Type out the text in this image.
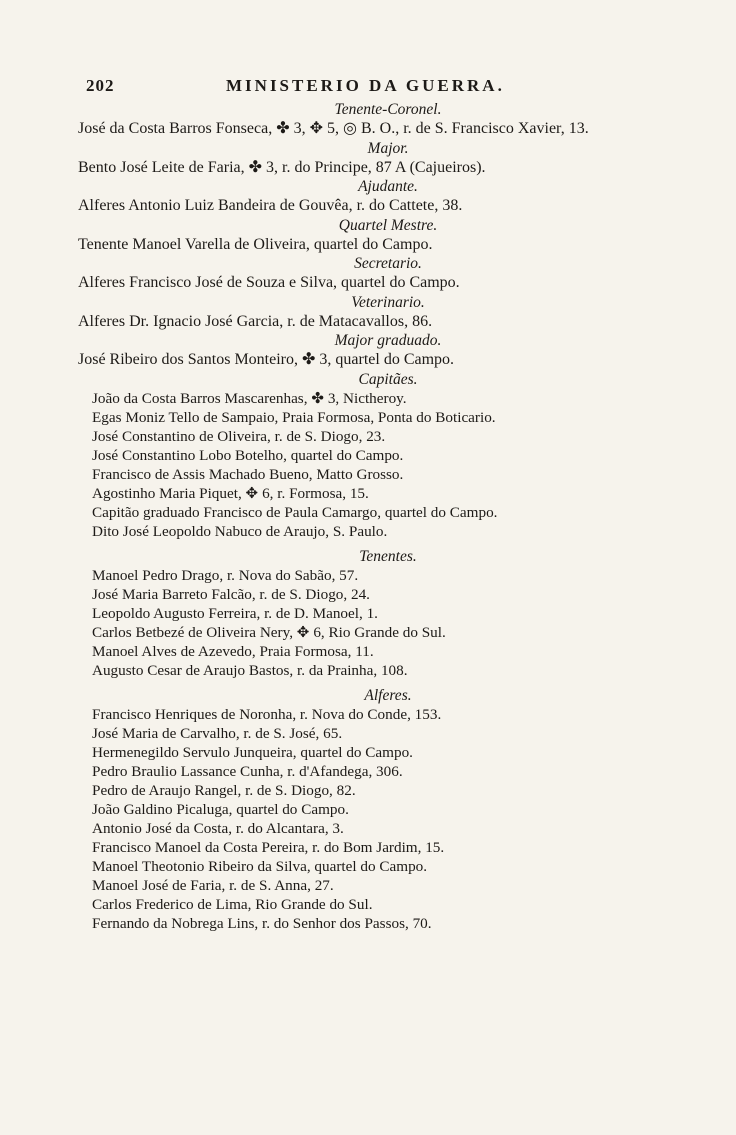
202	MINISTERIO DA GUERRA.
Tenente-Coronel.
José da Costa Barros Fonseca, ✤ 3, ✥ 5, ◎ B. O., r. de S. Francisco Xavier, 13.
Major.
Bento José Leite de Faria, ✤ 3, r. do Principe, 87 A (Cajueiros).
Ajudante.
Alferes Antonio Luiz Bandeira de Gouvêa, r. do Cattete, 38.
Quartel Mestre.
Tenente Manoel Varella de Oliveira, quartel do Campo.
Secretario.
Alferes Francisco José de Souza e Silva, quartel do Campo.
Veterinario.
Alferes Dr. Ignacio José Garcia, r. de Matacavallos, 86.
Major graduado.
José Ribeiro dos Santos Monteiro, ✤ 3, quartel do Campo.
Capitães.
João da Costa Barros Mascarenhas, ✤ 3, Nictheroy.
Egas Moniz Tello de Sampaio, Praia Formosa, Ponta do Boticario.
José Constantino de Oliveira, r. de S. Diogo, 23.
José Constantino Lobo Botelho, quartel do Campo.
Francisco de Assis Machado Bueno, Matto Grosso.
Agostinho Maria Piquet, ✥ 6, r. Formosa, 15.
Capitão graduado Francisco de Paula Camargo, quartel do Campo.
Dito José Leopoldo Nabuco de Araujo, S. Paulo.
Tenentes.
Manoel Pedro Drago, r. Nova do Sabão, 57.
José Maria Barreto Falcão, r. de S. Diogo, 24.
Leopoldo Augusto Ferreira, r. de D. Manoel, 1.
Carlos Betbezé de Oliveira Nery, ✥ 6, Rio Grande do Sul.
Manoel Alves de Azevedo, Praia Formosa, 11.
Augusto Cesar de Araujo Bastos, r. da Prainha, 108.
Alferes.
Francisco Henriques de Noronha, r. Nova do Conde, 153.
José Maria de Carvalho, r. de S. José, 65.
Hermenegildo Servulo Junqueira, quartel do Campo.
Pedro Braulio Lassance Cunha, r. d'Afandega, 306.
Pedro de Araujo Rangel, r. de S. Diogo, 82.
João Galdino Picaluga, quartel do Campo.
Antonio José da Costa, r. do Alcantara, 3.
Francisco Manoel da Costa Pereira, r. do Bom Jardim, 15.
Manoel Theotonio Ribeiro da Silva, quartel do Campo.
Manoel José de Faria, r. de S. Anna, 27.
Carlos Frederico de Lima, Rio Grande do Sul.
Fernando da Nobrega Lins, r. do Senhor dos Passos, 70.
